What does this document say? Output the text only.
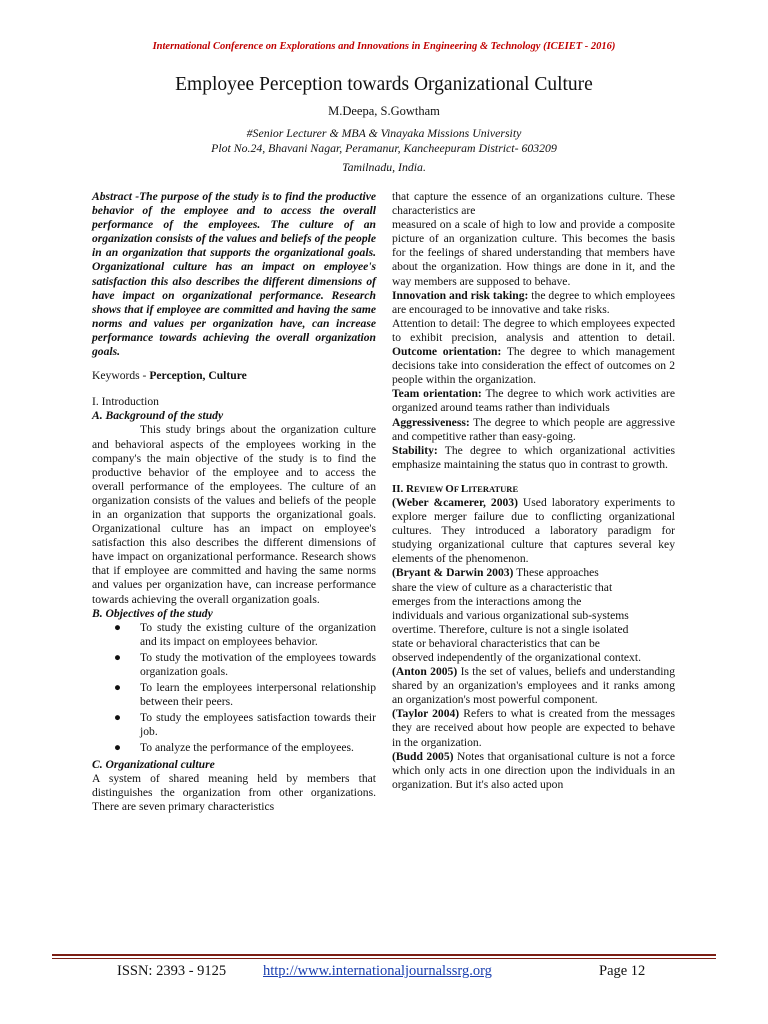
International Conference on Explorations and Innovations in Engineering & Technology (ICEIET - 2016)
Employee Perception towards Organizational Culture
M.Deepa, S.Gowtham
#Senior Lecturer & MBA & Vinayaka Missions University
Plot No.24, Bhavani Nagar, Peramanur, Kancheepuram District- 603209
Tamilnadu, India.
Abstract -The purpose of the study is to find the productive behavior of the employee and to access the overall performance of the employees. The culture of an organization consists of the values and beliefs of the people in an organization that supports the organizational goals. Organizational culture has an impact on employee's satisfaction this also describes the different dimensions of have impact on organizational performance. Research shows that if employee are committed and having the same norms and values per organization have, can increase performance towards achieving the overall organization goals.
Keywords - Perception, Culture
I. Introduction
A. Background of the study
This study brings about the organization culture and behavioral aspects of the employees working in the company's the main objective of the study is to find the productive behavior of the employee and to access the overall performance of the employees. The culture of an organization consists of the values and beliefs of the people in an organization that supports the organizational goals. Organizational culture has an impact on employee's satisfaction this also describes the different dimensions of have impact on organizational performance. Research shows that if employee are committed and having the same norms and values per organization have, can increase performance towards achieving the overall organization goals.
B. Objectives of the study
● To study the existing culture of the organization and its impact on employees behavior.
● To study the motivation of the employees towards organization goals.
● To learn the employees interpersonal relationship between their peers.
● To study the employees satisfaction towards their job.
● To analyze the performance of the employees.
C. Organizational culture
A system of shared meaning held by members that distinguishes the organization from other organizations. There are seven primary characteristics
that capture the essence of an organizations culture. These characteristics are
measured on a scale of high to low and provide a composite picture of an organization culture. This becomes the basis for the feelings of shared understanding that members have about the organization. How things are done in it, and the way members are supposed to behave.
Innovation and risk taking: the degree to which employees are encouraged to be innovative and take risks.
Attention to detail: The degree to which employees expected to exhibit precision, analysis and attention to detail. Outcome orientation: The degree to which management decisions take into consideration the effect of outcomes on 2 people within the organization.
Team orientation: The degree to which work activities are organized around teams rather than individuals
Aggressiveness: The degree to which people are aggressive and competitive rather than easy-going.
Stability: The degree to which organizational activities emphasize maintaining the status quo in contrast to growth.
II. REVIEW OF LITERATURE
(Weber &camerer, 2003) Used laboratory experiments to explore merger failure due to conflicting organizational cultures. They introduced a laboratory paradigm for studying organizational culture that captures several key elements of the phenomenon.
(Bryant & Darwin 2003) These approaches
share the view of culture as a characteristic that
emerges from the interactions among the
individuals and various organizational sub-systems
overtime. Therefore, culture is not a single isolated
state or behavioral characteristics that can be
observed independently of the organizational context.
(Anton 2005) Is the set of values, beliefs and understanding shared by an organization's employees and it ranks among an organization's most powerful component.
(Taylor 2004) Refers to what is created from the messages they are received about how people are expected to behave in the organization.
(Budd 2005) Notes that organisational culture is not a force which only acts in one direction upon the individuals in an organization. But it's also acted upon
ISSN: 2393 - 9125	http://www.internationaljournalssrg.org	Page 12
